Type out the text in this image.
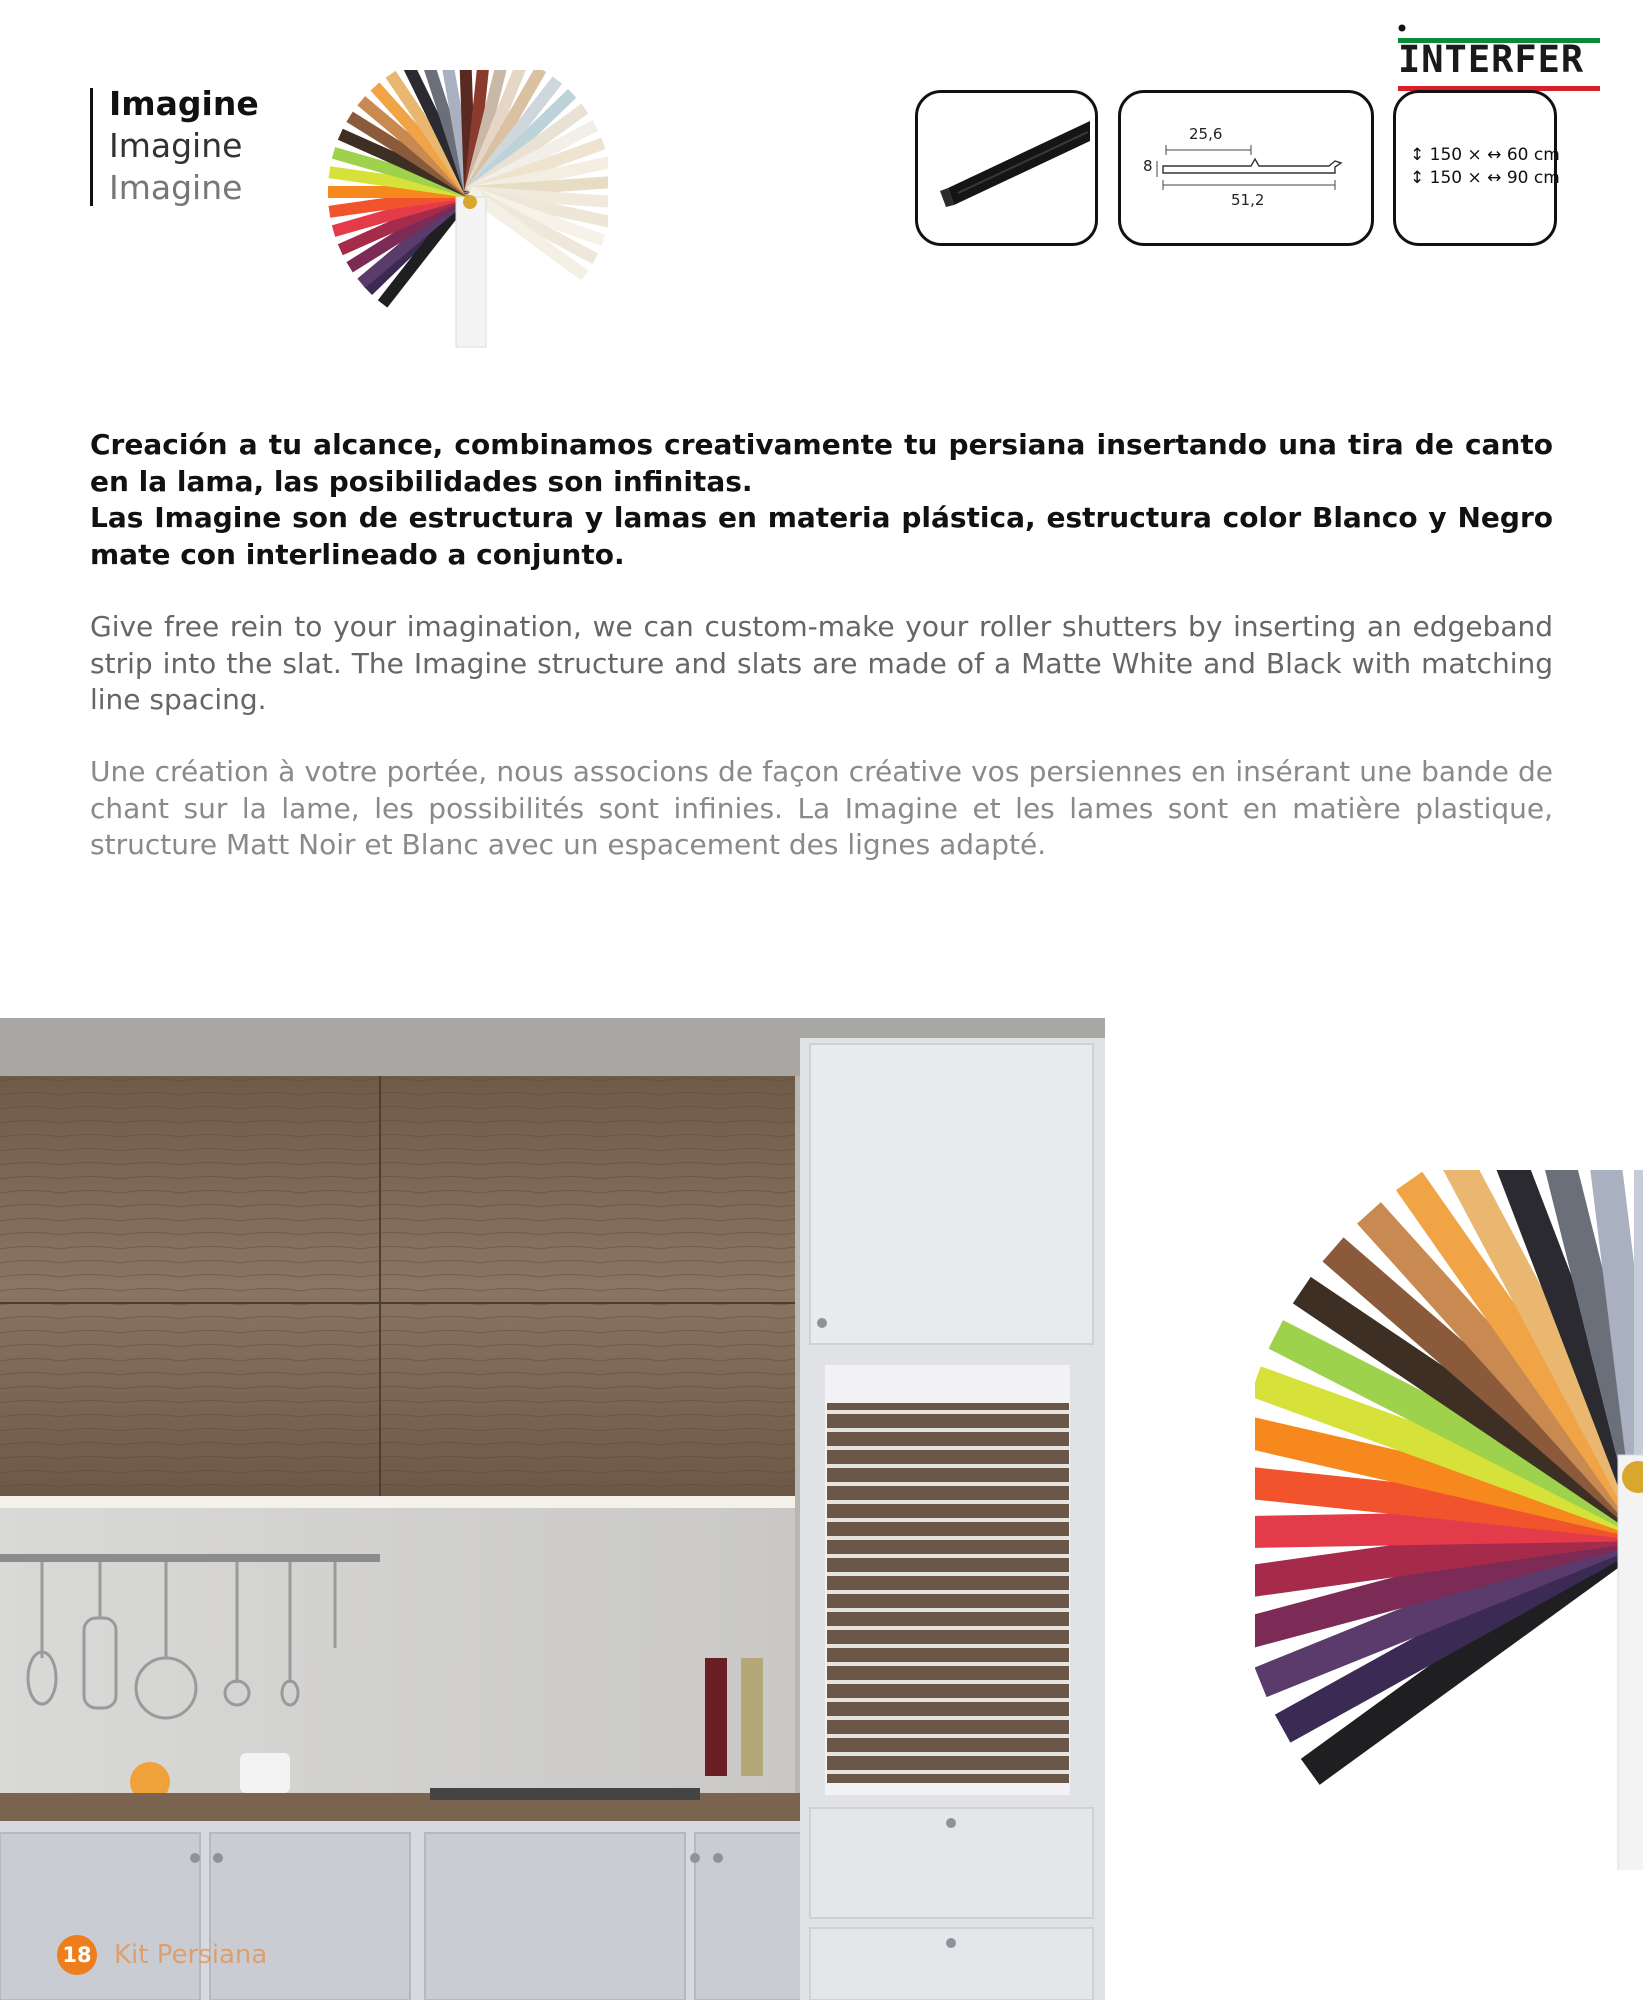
Imagine
Imagine
Imagine
INTERFER
25,6
8
51,2
↕ 150 × ↔ 60 cm
↕ 150 × ↔ 90 cm

Creación a tu alcance, combinamos creativamente tu persiana insertando una tira de canto en la lama, las posibilidades son infinitas.

Las Imagine son de estructura y lamas en materia plástica, estructura color Blanco y Negro mate con interlineado a conjunto.

Give free rein to your imagination, we can custom-make your roller shutters by inserting an edgeband strip into the slat. The Imagine structure and slats are made of a Matte White and Black with matching line spacing.

Une création à votre portée, nous associons de façon créative vos persiennes en insérant une bande de chant sur la lame, les possibilités sont infinies. La Imagine et les lames sont en matière plastique, structure Matt Noir et Blanc avec un espacement des lignes adapté.

18 Kit Persiana
